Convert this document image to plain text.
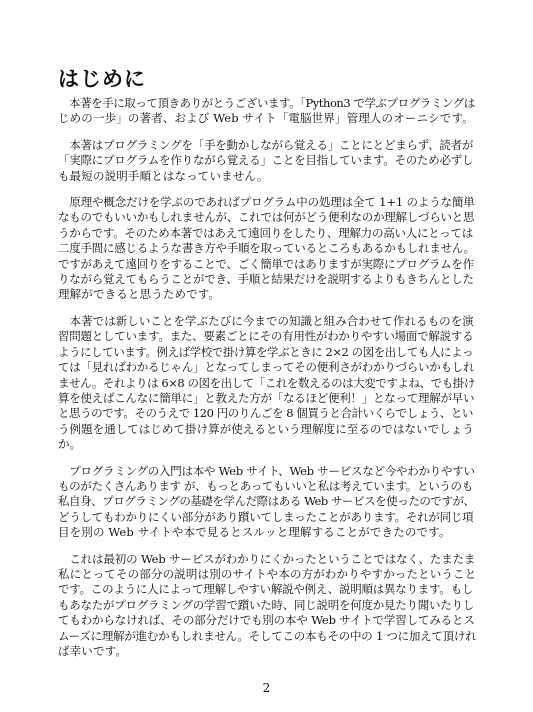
はじめに
　本著を手に取って頂きありがとうございます。「Python3 で学ぶプログラミングは
じめの一歩」の著者、および Web サイト「電脳世界」管理人のオーニシです。
　本著はプログラミングを「手を動かしながら覚える」ことにとどまらず、読者が
「実際にプログラムを作りながら覚える」ことを目指しています。そのため必ずし
も最短の説明手順とはなっていません。
　原理や概念だけを学ぶのであればプログラム中の処理は全て 1+1 のような簡単
なものでもいいかもしれませんが、これでは何がどう便利なのか理解しづらいと思
うからです。そのため本著ではあえて遠回りをしたり、理解力の高い人にとっては
二度手間に感じるような書き方や手順を取っているところもあるかもしれません。
ですがあえて遠回りをすることで、ごく簡単ではありますが実際にプログラムを作
りながら覚えてもらうことができ、手順と結果だけを説明するよりもきちんとした
理解ができると思うためです。
　本著では新しいことを学ぶたびに今までの知識と組み合わせて作れるものを演
習問題としています。また、要素ごとにその有用性がわかりやすい場面で解説する
ようにしています。例えば学校で掛け算を学ぶときに 2×2 の図を出しても人によっ
ては「見ればわかるじゃん」となってしまってその便利さがわかりづらいかもしれ
ません。それよりは 6×8 の図を出して「これを数えるのは大変ですよね、でも掛け
算を使えばこんなに簡単に」と教えた方が「なるほど便利！」となって理解が早い
と思うのです。そのうえで 120 円のりんごを 8 個買うと合計いくらでしょう、とい
う例題を通してはじめて掛け算が使えるという理解度に至るのではないでしょう
か。
　プログラミングの入門は本や Web サイト、Web サービスなど今やわかりやすい
ものがたくさんあります が、もっとあってもいいと私は考えています。というのも
私自身、プログラミングの基礎を学んだ際はある Web サービスを使ったのですが、
どうしてもわかりにくい部分があり躓いてしまったことがあります。それが同じ項
目を別の Web サイトや本で見るとスルッと理解することができたのです。
　これは最初の Web サービスがわかりにくかったということではなく、たまたま
私にとってその部分の説明は別のサイトや本の方がわかりやすかったということ
です。このように人によって理解しやすい解説や例え、説明順は異なります。もし
もあなたがプログラミングの学習で躓いた時、同じ説明を何度か見たり聞いたりし
てもわからなければ、その部分だけでも別の本や Web サイトで学習してみるとス
ムーズに理解が進むかもしれません。そしてこの本もその中の 1 つに加えて頂けれ
ば幸いです。
2
